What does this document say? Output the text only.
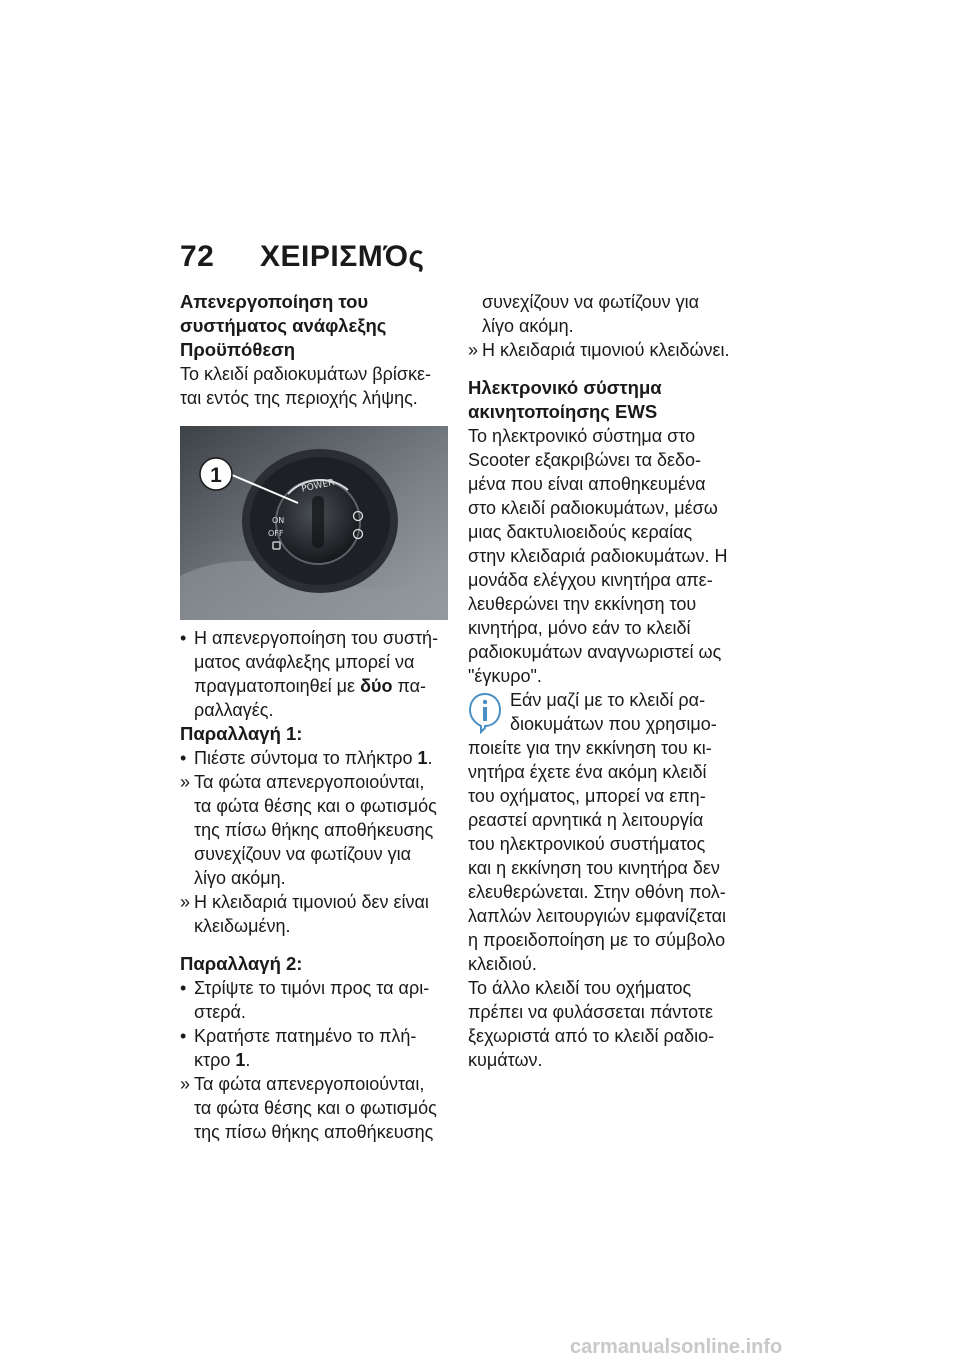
72 ΧΕΙΡΙΣΜΌς

Απενεργοποίηση του
συστήματος ανάφλεξης

Προϋπόθεση

Το κλειδί ραδιοκυμάτων βρίσκε-
ται εντός της περιοχής λήψης.

POWER
ON
OFF
1
• Η απενεργοποίηση του συστή-
ματος ανάφλεξης μπορεί να
πραγματοποιηθεί με δύο πα-
ραλλαγές.

Παραλλαγή 1:

• Πιέστε σύντομα το πλήκτρο 1.
» Τα φώτα απενεργοποιούνται,
τα φώτα θέσης και ο φωτισμός
της πίσω θήκης αποθήκευσης
συνεχίζουν να φωτίζουν για
λίγο ακόμη.
» Η κλειδαριά τιμονιού δεν είναι
κλειδωμένη.

Παραλλαγή 2:

• Στρίψτε το τιμόνι προς τα αρι-
στερά.
• Κρατήστε πατημένο το πλή-
κτρο 1.
» Τα φώτα απενεργοποιούνται,
τα φώτα θέσης και ο φωτισμός
της πίσω θήκης αποθήκευσης
συνεχίζουν να φωτίζουν για
λίγο ακόμη.
» Η κλειδαριά τιμονιού κλειδώνει.

Ηλεκτρονικό σύστημα
ακινητοποίησης EWS

Το ηλεκτρονικό σύστημα στο
Scooter εξακριβώνει τα δεδο-
μένα που είναι αποθηκευμένα
στο κλειδί ραδιοκυμάτων, μέσω
μιας δακτυλιοειδούς κεραίας
στην κλειδαριά ραδιοκυμάτων. Η
μονάδα ελέγχου κινητήρα απε-
λευθερώνει την εκκίνηση του
κινητήρα, μόνο εάν το κλειδί
ραδιοκυμάτων αναγνωριστεί ως
"έγκυρο".

Εάν μαζί με το κλειδί ρα-
διοκυμάτων που χρησιμο-

ποιείτε για την εκκίνηση του κι-
νητήρα έχετε ένα ακόμη κλειδί
του οχήματος, μπορεί να επη-
ρεαστεί αρνητικά η λειτουργία
του ηλεκτρονικού συστήματος
και η εκκίνηση του κινητήρα δεν
ελευθερώνεται. Στην οθόνη πολ-
λαπλών λειτουργιών εμφανίζεται
η προειδοποίηση με το σύμβολο
κλειδιού.
Το άλλο κλειδί του οχήματος
πρέπει να φυλάσσεται πάντοτε
ξεχωριστά από το κλειδί ραδιο-
κυμάτων.

carmanualsonline.info
